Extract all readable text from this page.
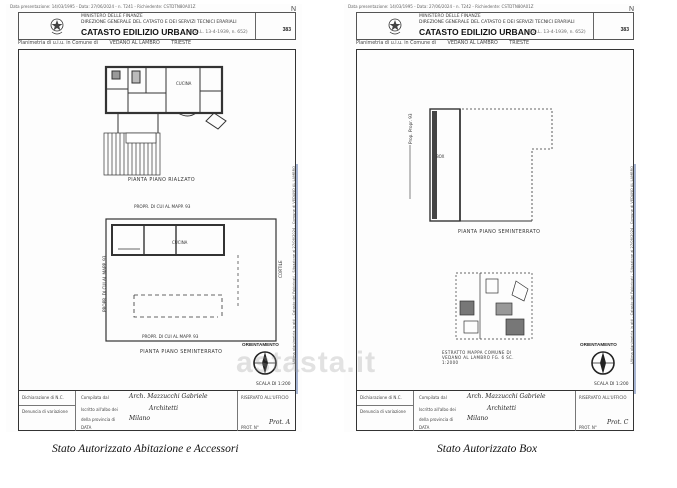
Data presentazione: 14/03/1995 - Data: 27/06/2024 - n. T241 - Richiedente: CSTDTN80A01Z	N
MINISTERO DELLE FINANZE
DIREZIONE GENERALE DEL CATASTO E DEI SERVIZI TECNICI ERARIALI
CATASTO EDILIZIO URBANO
(R.D.L. 13-4-1939, n. 652)	383
Planimetria di u.i.u. in Comune di VEDANO AL LAMBRO TRIESTE
PIANTA PIANO RIALZATO
CUCINA
CUCINA
PROPR. DI CUI AL MAPP. 93
PROPR. DI CUI AL MAPP. 93
PROPR. DI CUI AL MAPP. 93
CORTILE
PIANTA PIANO SEMINTERRATO
ORIENTAMENTO
SCALA DI 1:200
Ultima planimetria in atti - Catasto dei Fabbricati - Situazione al 27/06/2024 - Comune di VEDANO AL LAMBRO
Dichiarazione di N.C.
Denuncia di variazione
RISERVATO ALL'UFFICIO
Compilata dal
Iscritto all'albo dei
della provincia di
DATA	PROT. N°
Arch. Mazzucchi Gabriele
Architetti
Milano
Prot. A
Data presentazione: 14/03/1995 - Data: 27/06/2024 - n. T242 - Richiedente: CSTDTN80A01Z	N
MINISTERO DELLE FINANZE
DIREZIONE GENERALE DEL CATASTO E DEI SERVIZI TECNICI ERARIALI
CATASTO EDILIZIO URBANO
(R.D.L. 13-4-1939, n. 652)	383
Planimetria di u.i.u. in Comune di VEDANO AL LAMBRO TRIESTE
Prop. Propr. 93
BOX
PIANTA PIANO SEMINTERRATO
ESTRATTO MAPPA COMUNE DI VEDANO AL LAMBRO FG. 6 SC. 1:2000
ORIENTAMENTO
SCALA DI 1:200
Ultima planimetria in atti - Catasto dei Fabbricati - Situazione al 27/06/2024 - Comune di VEDANO AL LAMBRO
Dichiarazione di N.C.
Denuncia di variazione
RISERVATO ALL'UFFICIO
Compilata dal
Iscritto all'albo dei
della provincia di
DATA	PROT. N°
Arch. Mazzucchi Gabriele
Architetti
Milano
Prot. C
astasta.it
Stato Autorizzato Abitazione e Accessori	Stato Autorizzato Box
